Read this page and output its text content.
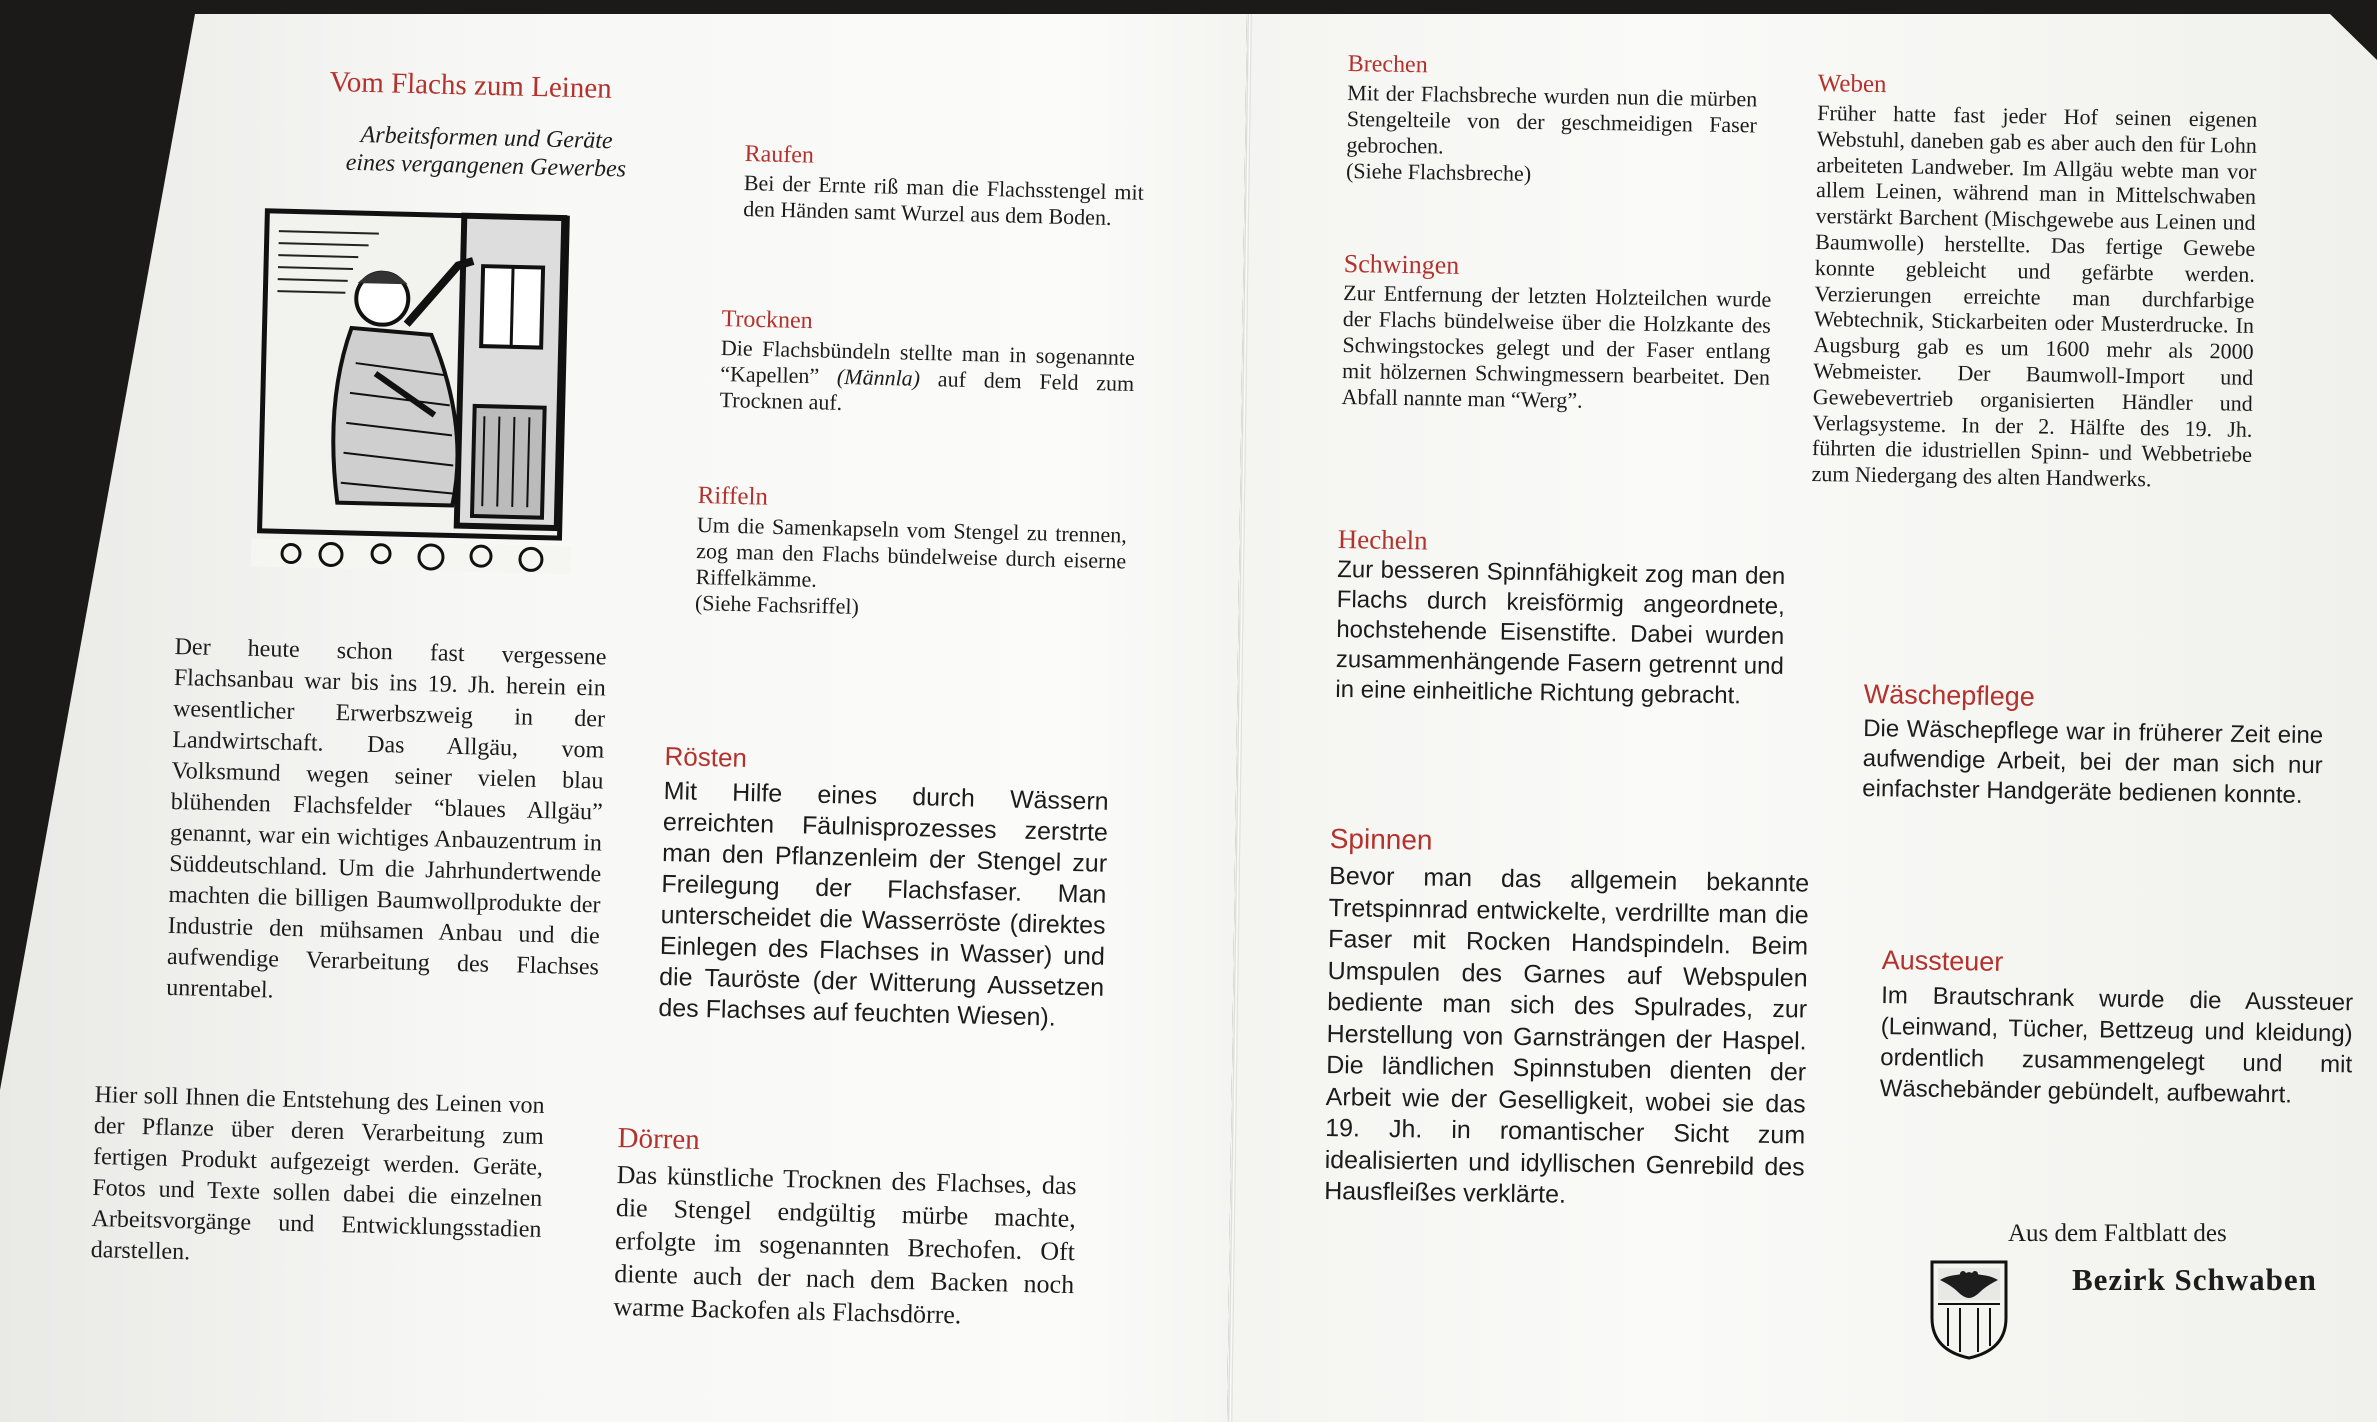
Vom Flachs zum Leinen

Arbeitsformen und Geräte

eines vergangenen Gewerbes

Der heute schon fast vergessene Flachsanbau war bis ins 19. Jh. herein ein wesentlicher Erwerbszweig in der Landwirtschaft. Das Allgäu, vom Volksmund wegen seiner vielen blau blühenden Flachsfelder “blaues Allgäu” genannt, war ein wichtiges Anbauzentrum in Süddeutschland. Um die Jahrhundertwende machten die billigen Baumwollprodukte der Industrie den mühsamen Anbau und die aufwendige Verarbeitung des Flachses unrentabel.

Hier soll Ihnen die Entstehung des Leinen von der Pflanze über deren Verarbeitung zum fertigen Produkt aufgezeigt werden. Geräte, Fotos und Texte sollen dabei die einzelnen Arbeitsvorgänge und Entwicklungsstadien darstellen.

Raufen

Bei der Ernte riß man die Flachsstengel mit den Händen samt Wurzel aus dem Boden.

Trocknen

Die Flachsbündeln stellte man in sogenannte “Kapellen” (Männla) auf dem Feld zum Trocknen auf.

Riffeln

Um die Samenkapseln vom Stengel zu trennen, zog man den Flachs bündelweise durch eiserne Riffelkämme.

(Siehe Fachsriffel)

Rösten

Mit Hilfe eines durch Wässern erreichten Fäulnisprozesses zerstrte man den Pflanzenleim der Stengel zur Freilegung der Flachsfaser. Man unterscheidet die Wasserröste (direktes Einlegen des Flachses in Wasser) und die Tauröste (der Witterung Aussetzen des Flachses auf feuchten Wiesen).

Dörren

Das künstliche Trocknen des Flachses, das die Stengel endgültig mürbe machte, erfolgte im sogenannten Brechofen. Oft diente auch der nach dem Backen noch warme Backofen als Flachsdörre.

Brechen

Mit der Flachsbreche wurden nun die mürben Stengelteile von der geschmeidigen Faser gebrochen.

(Siehe Flachsbreche)

Schwingen

Zur Entfernung der letzten Holzteilchen wurde der Flachs bündelweise über die Holzkante des Schwingstockes gelegt und der Faser entlang mit hölzernen Schwingmessern bearbeitet. Den Abfall nannte man “Werg”.

Hecheln

Zur besseren Spinnfähigkeit zog man den Flachs durch kreisförmig angeordnete, hochstehende Eisenstifte. Dabei wurden zusammenhängende Fasern getrennt und in eine einheitliche Richtung gebracht.

Spinnen

Bevor man das allgemein bekannte Tretspinnrad entwickelte, verdrillte man die Faser mit Rocken Handspindeln. Beim Umspulen des Garnes auf Webspulen bediente man sich des Spulrades, zur Herstellung von Garnsträngen der Haspel. Die ländlichen Spinnstuben dienten der Arbeit wie der Geselligkeit, wobei sie das 19. Jh. in romantischer Sicht zum idealisierten und idyllischen Genrebild des Hausfleißes verklärte.

Weben

Früher hatte fast jeder Hof seinen eigenen Webstuhl, daneben gab es aber auch den für Lohn arbeiteten Landweber. Im Allgäu webte man vor allem Leinen, während man in Mittelschwaben verstärkt Barchent (Mischgewebe aus Leinen und Baumwolle) herstellte. Das fertige Gewebe konnte gebleicht und gefärbte werden. Verzierungen erreichte man durchfarbige Webtechnik, Stickarbeiten oder Musterdrucke. In Augsburg gab es um 1600 mehr als 2000 Webmeister. Der Baumwoll-Import und Gewebevertrieb organisierten Händler und Verlagsysteme. In der 2. Hälfte des 19. Jh. führten die idustriellen Spinn- und Webbetriebe zum Niedergang des alten Handwerks.

Wäschepflege

Die Wäschepflege war in früherer Zeit eine aufwendige Arbeit, bei der man sich nur einfachster Handgeräte bedienen konnte.

Aussteuer

Im Brautschrank wurde die Aussteuer (Leinwand, Tücher, Bettzeug und kleidung) ordentlich zusammengelegt und mit Wäschebänder gebündelt, aufbewahrt.

Aus dem Faltblatt des

Bezirk Schwaben
